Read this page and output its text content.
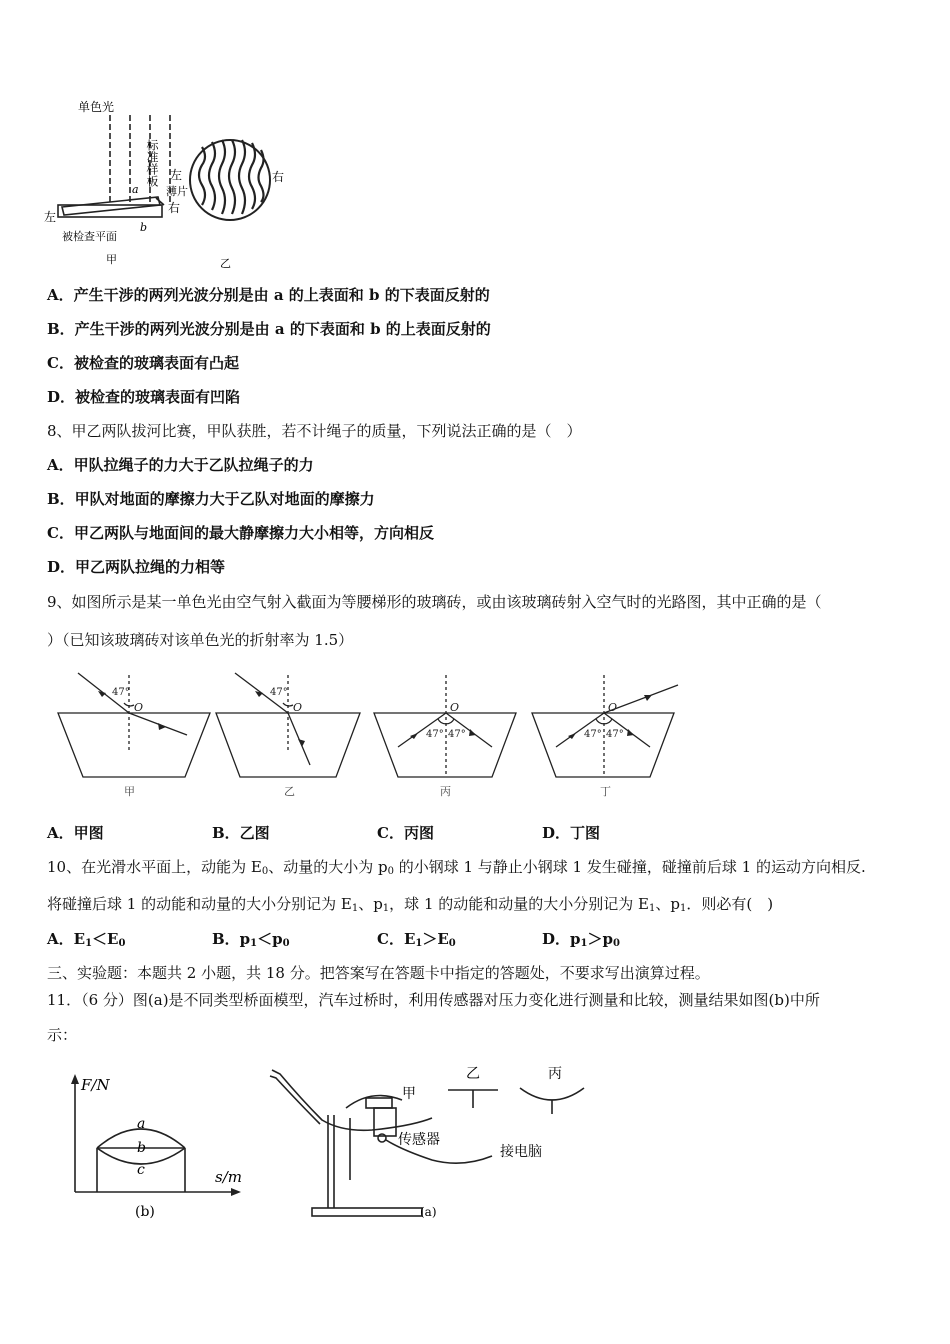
单色光
标准样板 左
薄片
右
右
左
a
b
被检查平面
甲	乙
A．产生干涉的两列光波分别是由 a 的上表面和 b 的下表面反射的
B．产生干涉的两列光波分别是由 a 的下表面和 b 的上表面反射的
C．被检查的玻璃表面有凸起
D．被检查的玻璃表面有凹陷
8、甲乙两队拔河比赛，甲队获胜，若不计绳子的质量，下列说法正确的是（　）
A．甲队拉绳子的力大于乙队拉绳子的力
B．甲队对地面的摩擦力大于乙队对地面的摩擦力
C．甲乙两队与地面间的最大静摩擦力大小相等，方向相反
D．甲乙两队拉绳的力相等
9、如图所示是某一单色光由空气射入截面为等腰梯形的玻璃砖，或由该玻璃砖射入空气时的光路图，其中正确的是（
）（已知该玻璃砖对该单色光的折射率为 1.5）
47°
O
47°
O	O
47° 47°
O
47° 47°
甲	乙	丙	丁
A．甲图	B．乙图	C．丙图	D．丁图
10、在光滑水平面上，动能为 $E_0$、动量的大小为 $p_0$ 的小钢球 1 与静止小钢球 1 发生碰撞，碰撞前后球 1 的运动方向相反.
将碰撞后球 1 的动能和动量的大小分别记为 $E_1$、$p_1$，球 1 的动能和动量的大小分别记为 $E_1$、$p_1$．则必有(　)
A．$E_1<E_0$	B．$p_1<p_0$	C．$E_1>E_0$	D．$p_1>p_0$
三、实验题：本题共 2 小题，共 18 分。把答案写在答题卡中指定的答题处，不要求写出演算过程。
11．（6 分）图(a)是不同类型桥面模型，汽车过桥时，利用传感器对压力变化进行测量和比较，测量结果如图(b)中所
示：
F/N
s/m
a
b
c
(b)
甲
乙	丙
传感器
接电脑
(a)
